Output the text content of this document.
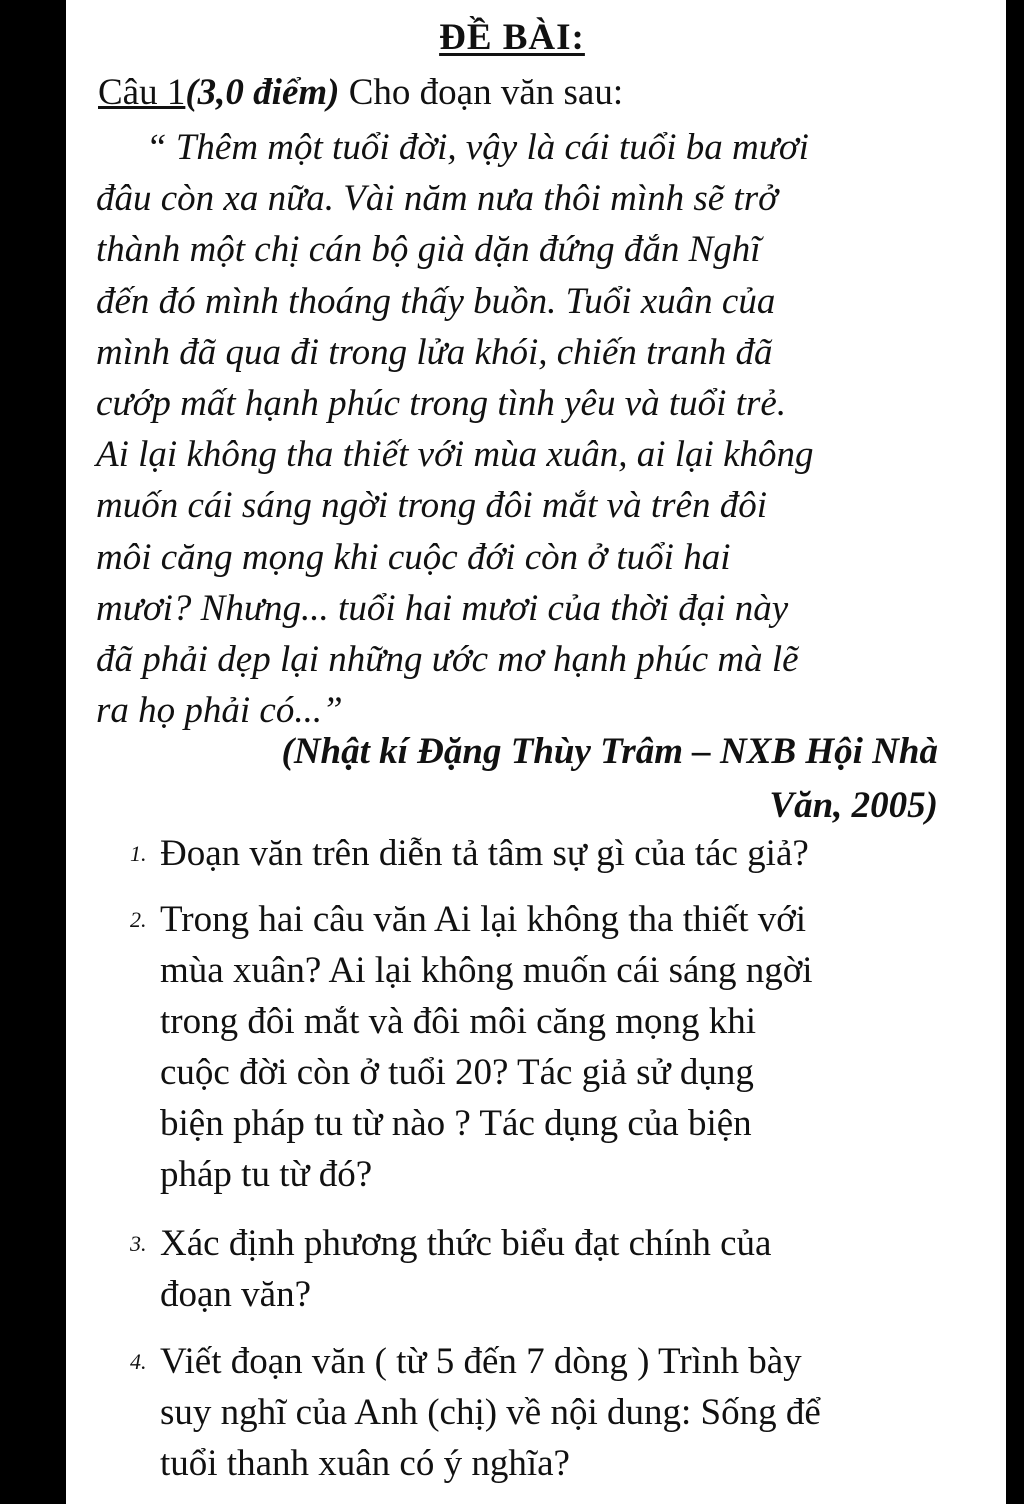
ĐỀ BÀI:
Câu 1(3,0 điểm) Cho đoạn văn sau:
“ Thêm một tuổi đời, vậy là cái tuổi ba mươi
đâu còn xa nữa. Vài năm nưa thôi mình sẽ trở
thành một chị cán bộ già dặn đứng đắn Nghĩ
đến đó mình thoáng thấy buồn. Tuổi xuân của
mình đã qua đi trong lửa khói, chiến tranh đã
cướp mất hạnh phúc trong tình yêu và tuổi trẻ.
Ai lại không tha thiết với mùa xuân, ai lại không
muốn cái sáng ngời trong đôi mắt và trên đôi
môi căng mọng khi cuộc đới còn ở tuổi hai
mươi? Nhưng... tuổi hai mươi của thời đại này
đã phải dẹp lại những ước mơ hạnh phúc mà lẽ
ra họ phải có...”
(Nhật kí Đặng Thùy Trâm – NXB Hội Nhà
Văn, 2005)
1. Đoạn văn trên diễn tả tâm sự gì của tác giả?
2. Trong hai câu văn Ai lại không tha thiết với
mùa xuân? Ai lại không muốn cái sáng ngời
trong đôi mắt và đôi môi căng mọng khi
cuộc đời còn ở tuổi 20? Tác giả sử dụng
biện pháp tu từ nào ? Tác dụng của biện
pháp tu từ đó?
3. Xác định phương thức biểu đạt chính của
đoạn văn?
4. Viết đoạn văn ( từ 5 đến 7 dòng ) Trình bày
suy nghĩ của Anh (chị) về nội dung: Sống để
tuổi thanh xuân có ý nghĩa?
